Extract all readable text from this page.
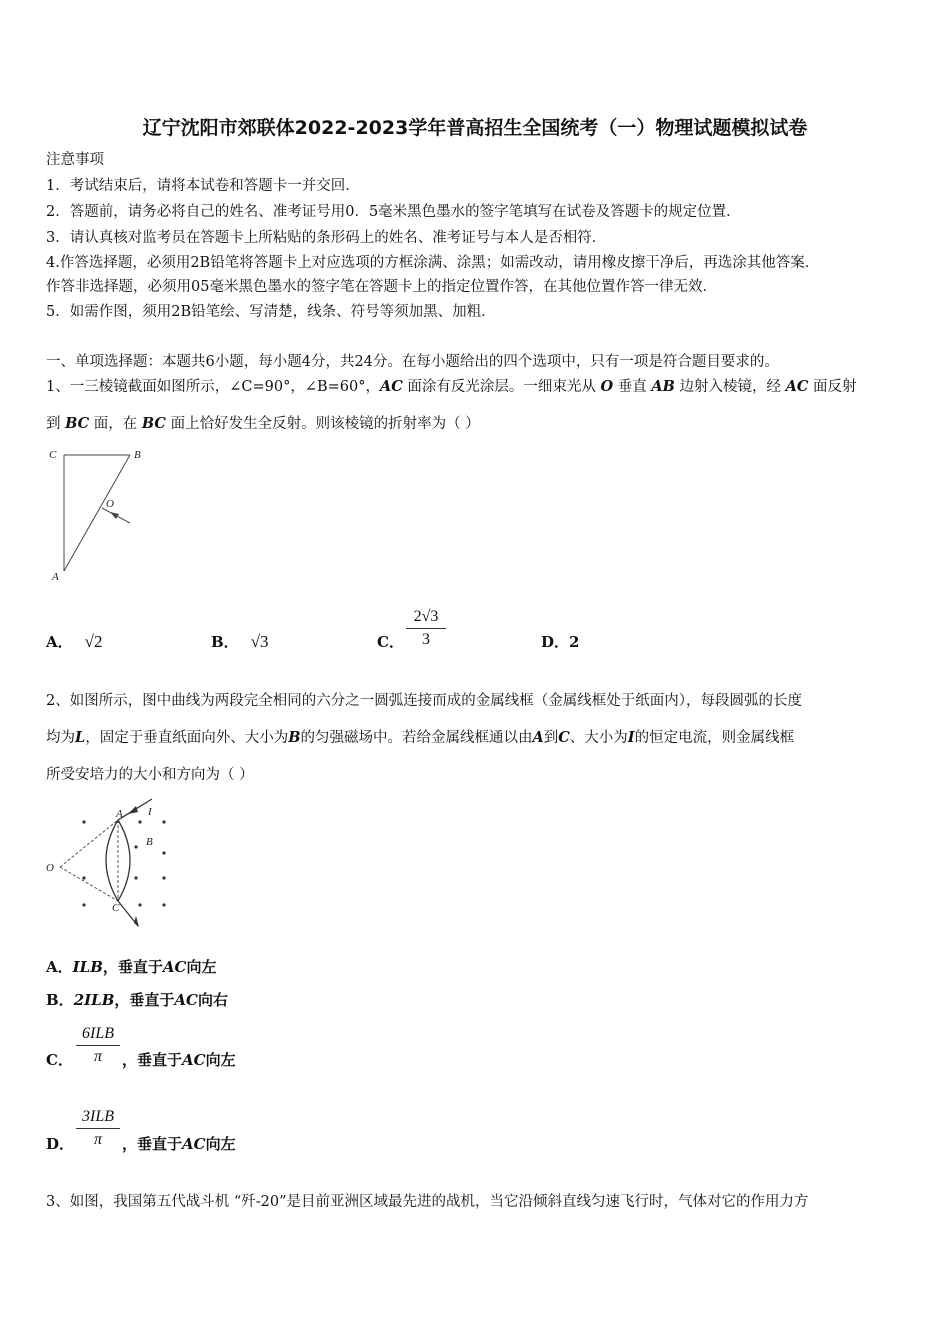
辽宁沈阳市郊联体2022-2023学年普高招生全国统考（一）物理试题模拟试卷
注意事项
1．考试结束后，请将本试卷和答题卡一并交回．
2．答题前，请务必将自己的姓名、准考证号用0．5毫米黑色墨水的签字笔填写在试卷及答题卡的规定位置．
3．请认真核对监考员在答题卡上所粘贴的条形码上的姓名、准考证号与本人是否相符．
4.作答选择题，必须用2B铅笔将答题卡上对应选项的方框涂满、涂黑；如需改动，请用橡皮擦干净后，再选涂其他答案．
作答非选择题，必须用05毫米黑色墨水的签字笔在答题卡上的指定位置作答，在其他位置作答一律无效．
5．如需作图，须用2B铅笔绘、写清楚，线条、符号等须加黑、加粗．
一、单项选择题：本题共6小题，每小题4分，共24分。在每小题给出的四个选项中，只有一项是符合题目要求的。
1、一三棱镜截面如图所示，∠C=90°，∠B=60°，AC 面涂有反光涂层。一细束光从 O 垂直 AB 边射入棱镜，经 AC 面反射
到 BC 面，在 BC 面上恰好发生全反射。则该棱镜的折射率为（ ）
C	B
O
A
A． √2	B． √3	C．
2√3
3	D．2
2、如图所示，图中曲线为两段完全相同的六分之一圆弧连接而成的金属线框（金属线框处于纸面内），每段圆弧的长度
均为L，固定于垂直纸面向外、大小为B的匀强磁场中。若给金属线框通以由A到C、大小为I的恒定电流，则金属线框
所受安培力的大小和方向为（ ）
A I
B
O
C
A．ILB，垂直于AC向左
B．2ILB，垂直于AC向右
C．
6ILB
π	，垂直于AC向左
D．
3ILB
π	，垂直于AC向左
3、如图，我国第五代战斗机 “歼-20”是目前亚洲区域最先进的战机，当它沿倾斜直线匀速飞行时，气体对它的作用力方
